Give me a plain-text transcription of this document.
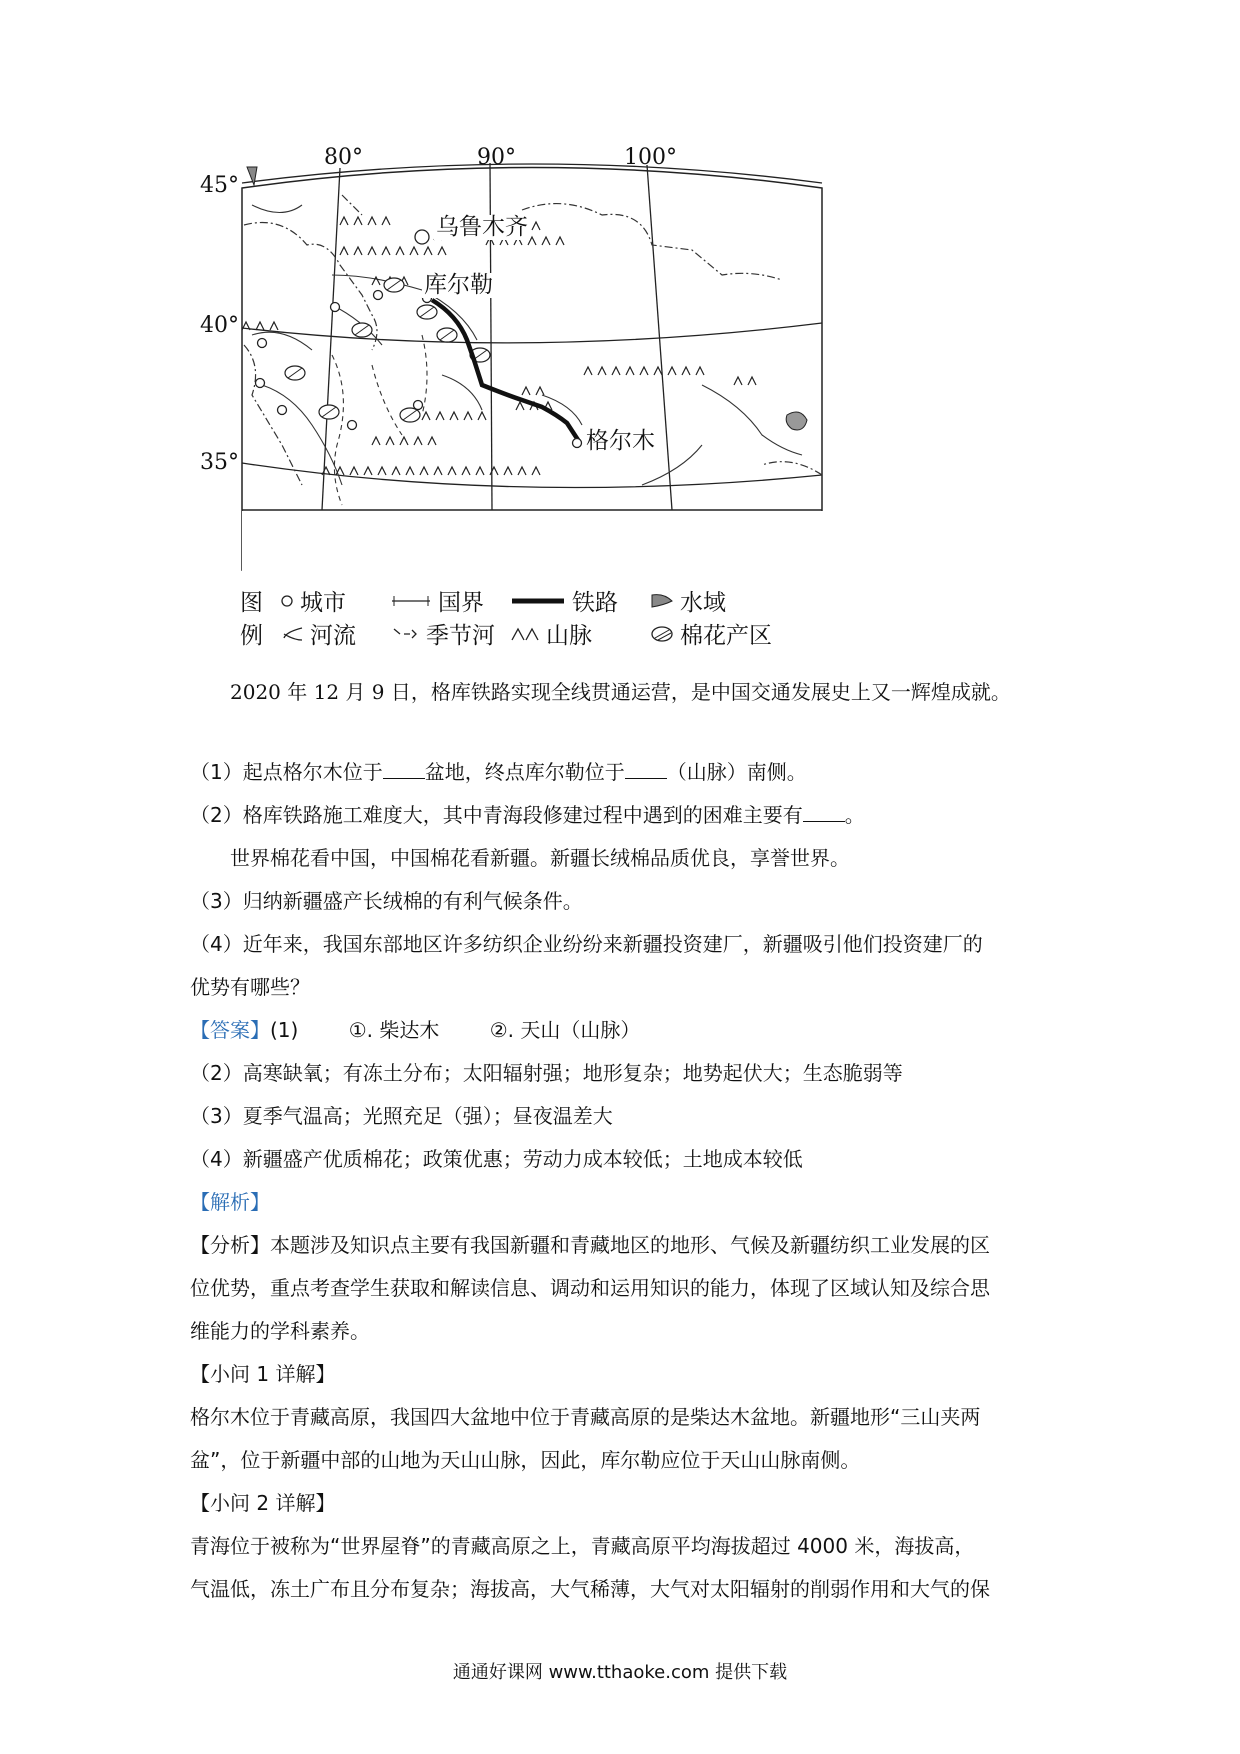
80°	90°	100°
45°
40°
35°
乌鲁木齐
库尔勒
格尔木
图 城市	国界	铁路	水域
例 河流	季节河 山脉	棉花产区
2020 年 12 月 9 日，格库铁路实现全线贯通运营，是中国交通发展史上又一辉煌成就。
（1）起点格尔木位于 盆地，终点库尔勒位于 （山脉）南侧。
（2）格库铁路施工难度大，其中青海段修建过程中遇到的困难主要有 。
世界棉花看中国，中国棉花看新疆。新疆长绒棉品质优良，享誉世界。
（3）归纳新疆盛产长绒棉的有利气候条件。
（4）近年来，我国东部地区许多纺织企业纷纷来新疆投资建厂，新疆吸引他们投资建厂的
优势有哪些？
【答案】(1)	①. 柴达木	②. 天山（山脉）
（2）高寒缺氧；有冻土分布；太阳辐射强；地形复杂；地势起伏大；生态脆弱等
（3）夏季气温高；光照充足（强）；昼夜温差大
（4）新疆盛产优质棉花；政策优惠；劳动力成本较低；土地成本较低
【解析】
【分析】本题涉及知识点主要有我国新疆和青藏地区的地形、气候及新疆纺织工业发展的区
位优势，重点考查学生获取和解读信息、调动和运用知识的能力，体现了区域认知及综合思
维能力的学科素养。
【小问 1 详解】
格尔木位于青藏高原，我国四大盆地中位于青藏高原的是柴达木盆地。新疆地形“三山夹两
盆”，位于新疆中部的山地为天山山脉，因此，库尔勒应位于天山山脉南侧。
【小问 2 详解】
青海位于被称为“世界屋脊”的青藏高原之上，青藏高原平均海拔超过 4000 米，海拔高，
气温低，冻土广布且分布复杂；海拔高，大气稀薄，大气对太阳辐射的削弱作用和大气的保
通通好课网 www.tthaoke.com 提供下载
